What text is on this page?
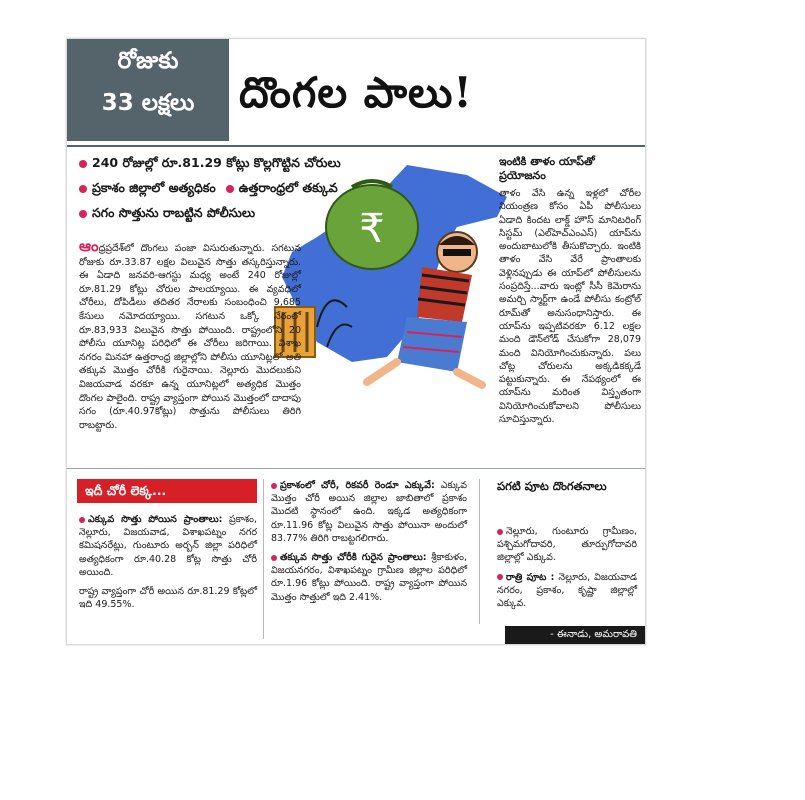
రోజుకు
33 లక్షలు	దొంగల పాలు!
240 రోజుల్లో రూ.81.29 కోట్లు కొల్లగొట్టిన చోరులు
ప్రకాశం జిల్లాలో అత్యధికం ఉత్తరాంధ్రలో తక్కువ
సగం సొత్తును రాబట్టిన పోలీసులు	₹
ఆంధ్రప్రదేశ్‌లో దొంగలు పంజా విసురుతున్నారు. సగటున రోజుకు రూ.33.87 లక్షల విలువైన సొత్తు తస్కరిస్తున్నారు. ఈ ఏడాది జనవరి-ఆగస్టు మధ్య అంటే 240 రోజుల్లో రూ.81.29 కోట్లు చోరుల పాలయ్యాయి. ఈ వ్యవధిలో చోరీలు, దోపిడీలు తదితర నేరాలకు సంబంధించి 9,685 కేసులు నమోదయ్యాయి. సగటున ఒక్కో నేరంలో రూ.83,933 విలువైన సొత్తు పోయింది. రాష్ట్రంలోని 20 పోలీసు యూనిట్ల పరిధిలో ఈ చోరీలు జరిగాయి. విశాఖ నగరం మినహా ఉత్తరాంధ్ర జిల్లాల్లోని పోలీసు యూనిట్లలో అతి తక్కువ మొత్తం చోరీకి గురైనాయి. నెల్లూరు మొదలుకుని విజయవాడ వరకూ ఉన్న యూనిట్లలో అత్యధిక మొత్తం దొంగల పాలైంది. రాష్ట్ర వ్యాప్తంగా పోయిన మొత్తంలో దాదాపు సగం (రూ.40.97కోట్లు) సొత్తును పోలీసులు తిరిగి రాబట్టారు.
ఇంటికి తాళం యాప్‌తో ప్రయోజనం
తాళం వేసి ఉన్న ఇళ్లలో చోరీల నియంత్రణ కోసం ఏపీ పోలీసులు ఏడాది కిందట లాక్డ్ హౌస్ మానిటరింగ్ సిస్టమ్ (ఎల్‌హెచ్‌ఎంఎస్) యాప్‌ను అందుబాటులోకి తీసుకొచ్చారు. ఇంటికి తాళం వేసి వేరే ప్రాంతాలకు వెళ్లినప్పుడు ఈ యాప్‌లో పోలీసులను సంప్రదిస్తే...వారు ఇంట్లో సీసీ కెమెరాను అమర్చి స్మార్ట్‌గా ఉండే పోలీసు కంట్రోల్ రూమ్‌తో అనుసంధానిస్తారు. ఈ యాప్‌ను ఇప్పటివరకూ 6.12 లక్షల మంది డౌన్‌లోడ్ చేసుకోగా 28,079 మంది వినియోగించుకున్నారు. పలు చోట్ల చోరులను అక్కడికక్కడే పట్టుకున్నారు. ఈ నేపథ్యంలో ఈ యాప్‌ను మరింత విస్తృతంగా వినియోగించుకోవాలని పోలీసులు సూచిస్తున్నారు.
ఇదీ చోరీ లెక్క...
ఎక్కువ సొత్తు పోయిన ప్రాంతాలు: ప్రకాశం, నెల్లూరు, విజయవాడ, విశాఖపట్నం నగర కమిషనరేట్లు, గుంటూరు అర్బన్ జిల్లా పరిధిలో అత్యధికంగా రూ.40.28 కోట్ల సొత్తు చోరీ అయింది.
రాష్ట్ర వ్యాప్తంగా చోరీ అయిన రూ.81.29 కోట్లలో ఇది 49.55%.
ప్రకాశంలో చోరీ, రికవరీ రెండూ ఎక్కువే: ఎక్కువ మొత్తం చోరీ అయిన జిల్లాల జాబితాలో ప్రకాశం మొదటి స్థానంలో ఉంది. ఇక్కడ అత్యధికంగా రూ.11.96 కోట్ల విలువైన సొత్తు పోయినా అందులో 83.77% తిరిగి రాబట్టగలిగారు.
తక్కువ సొత్తు చోరీకి గురైన ప్రాంతాలు: శ్రీకాకుళం, విజయనగరం, విశాఖపట్నం గ్రామీణ జిల్లాల పరిధిలో రూ.1.96 కోట్లు పోయింది. రాష్ట్ర వ్యాప్తంగా పోయిన మొత్తం సొత్తులో ఇది 2.41%.
పగటి పూట దొంగతనాలు
నెల్లూరు, గుంటూరు గ్రామీణం, పశ్చిమగోదావరి, తూర్పుగోదావరి జిల్లాల్లో ఎక్కువ.
రాత్రి పూట : నెల్లూరు, విజయవాడ నగరం, ప్రకాశం, కృష్ణా జిల్లాల్లో ఎక్కువ.
- ఈనాడు, అమరావతి
